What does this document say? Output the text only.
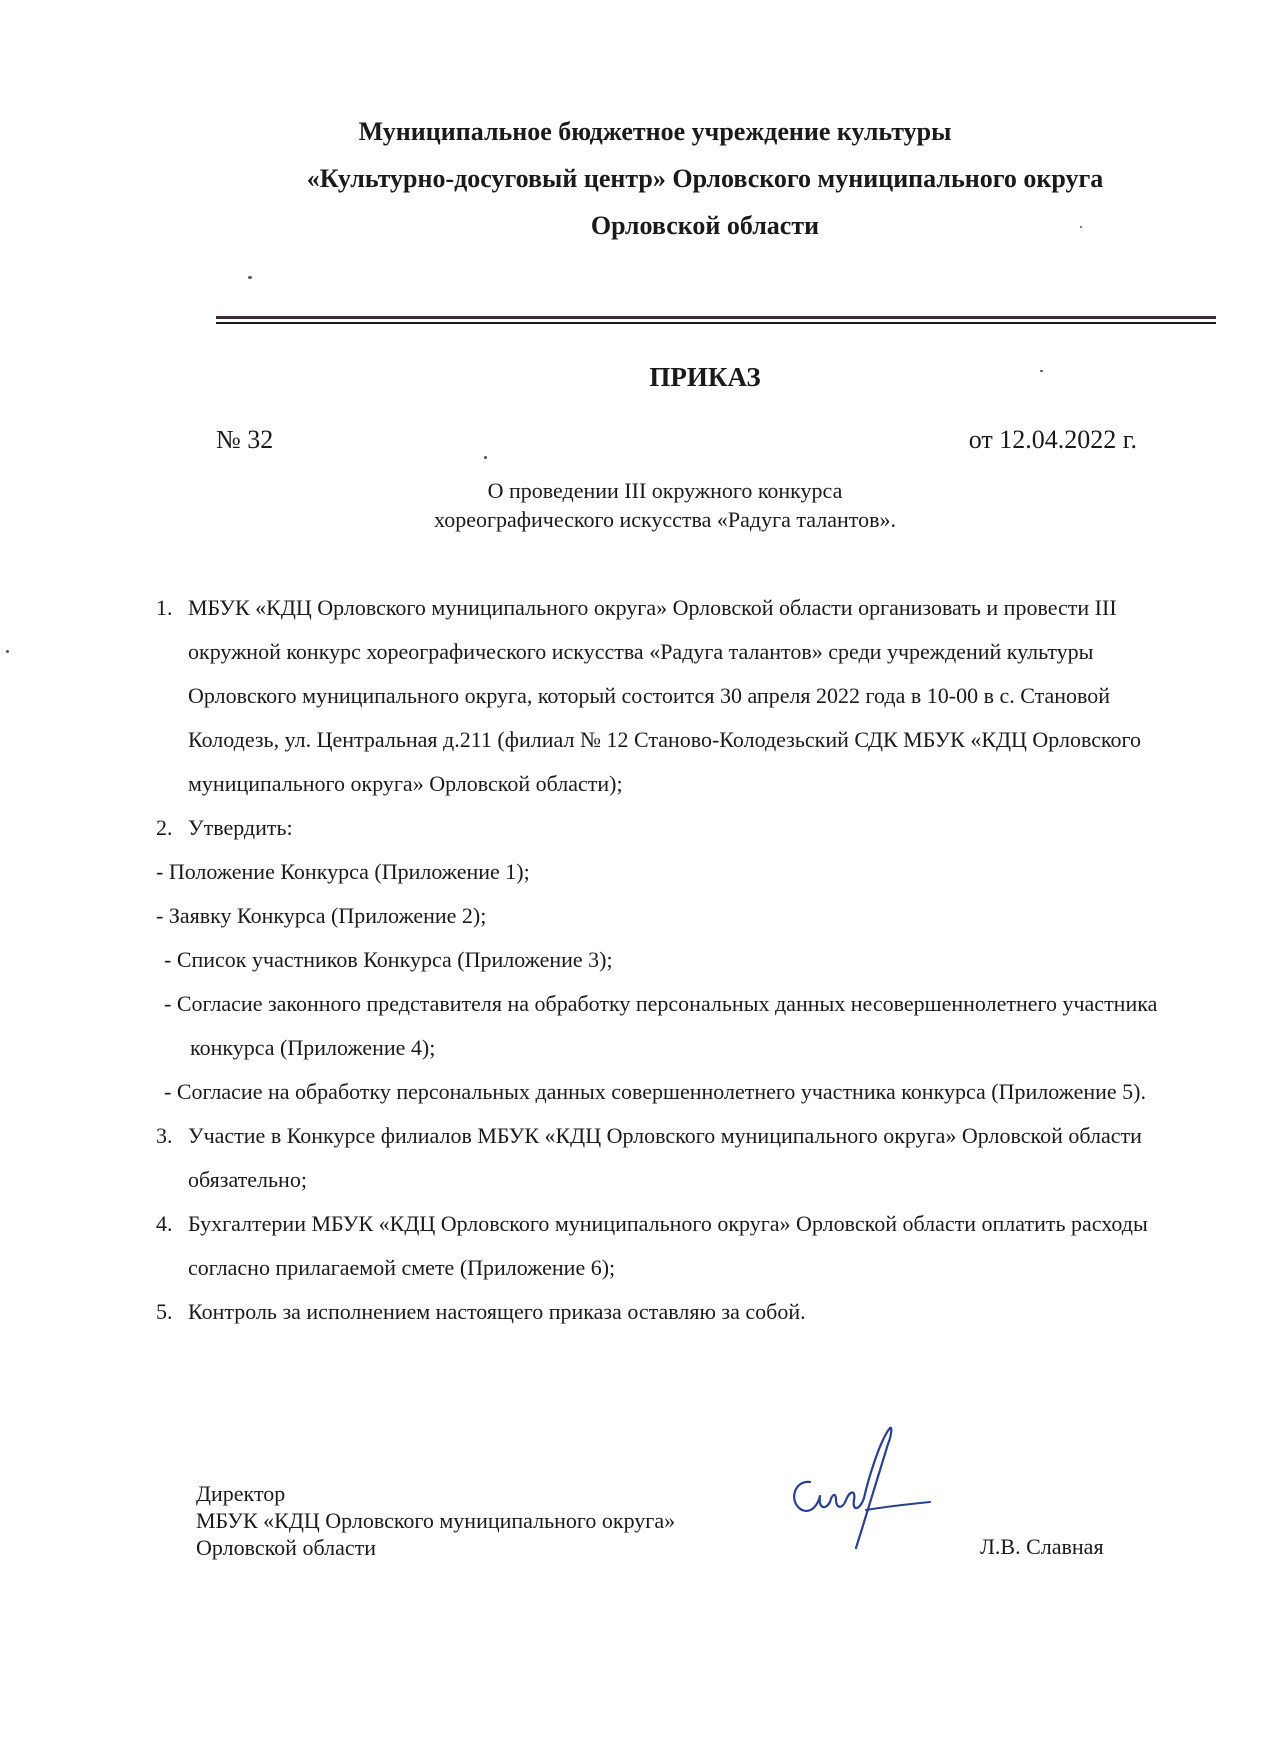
Муниципальное бюджетное учреждение культуры
«Культурно-досуговый центр» Орловского муниципального округа
Орловской области
ПРИКАЗ
№ 32	от 12.04.2022 г.
О проведении III окружного конкурса
хореографического искусства «Радуга талантов».
1. МБУК «КДЦ Орловского муниципального округа» Орловской области организовать и провести III окружной конкурс хореографического искусства «Радуга талантов» среди учреждений культуры Орловского муниципального округа, который состоится 30 апреля 2022 года в 10-00 в с. Становой Колодезь, ул. Центральная д.211 (филиал № 12 Станово-Колодезьский СДК МБУК «КДЦ Орловского муниципального округа» Орловской области);
2. Утвердить:
- Положение Конкурса (Приложение 1);
- Заявку Конкурса (Приложение 2);
- Список участников Конкурса (Приложение 3);
- Согласие законного представителя на обработку персональных данных несовершеннолетнего участника конкурса (Приложение 4);
- Согласие на обработку персональных данных совершеннолетнего участника конкурса (Приложение 5).
3. Участие в Конкурсе филиалов МБУК «КДЦ Орловского муниципального округа» Орловской области обязательно;
4. Бухгалтерии МБУК «КДЦ Орловского муниципального округа» Орловской области оплатить расходы согласно прилагаемой смете (Приложение 6);
5. Контроль за исполнением настоящего приказа оставляю за собой.
Директор
МБУК «КДЦ Орловского муниципального округа»
Орловской области	Л.В. Славная
